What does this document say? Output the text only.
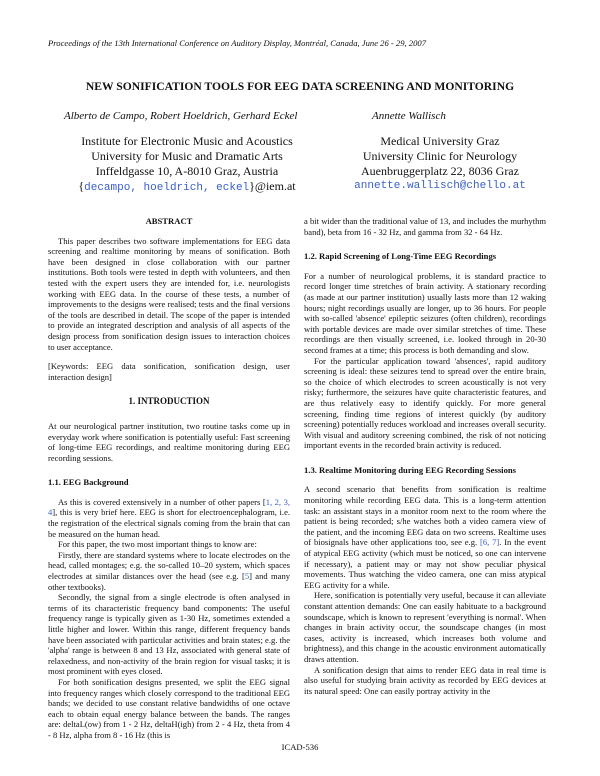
Proceedings of the 13th International Conference on Auditory Display, Montréal, Canada, June 26 - 29, 2007
NEW SONIFICATION TOOLS FOR EEG DATA SCREENING AND MONITORING
Alberto de Campo, Robert Hoeldrich, Gerhard Eckel	Annette Wallisch
Institute for Electronic Music and Acoustics
University for Music and Dramatic Arts
Inffeldgasse 10, A-8010 Graz, Austria
{decampo, hoeldrich, eckel}@iem.at
Medical University Graz
University Clinic for Neurology
Auenbruggerplatz 22, 8036 Graz
annette.wallisch@chello.at
ABSTRACT

This paper describes two software implementations for EEG data screening and realtime monitoring by means of sonification. Both have been designed in close collaboration with our partner institutions. Both tools were tested in depth with volunteers, and then tested with the expert users they are intended for, i.e. neurologists working with EEG data. In the course of these tests, a number of improvements to the designs were realised; tests and the final versions of the tools are described in detail. The scope of the paper is intended to provide an integrated description and analysis of all aspects of the design process from sonification design issues to interaction choices to user acceptance.

[Keywords: EEG data sonification, sonification design, user interaction design]

1. INTRODUCTION

At our neurological partner institution, two routine tasks come up in everyday work where sonification is potentially useful: Fast screening of long-time EEG recordings, and realtime monitoring during EEG recording sessions.

1.1. EEG Background

As this is covered extensively in a number of other papers [1, 2, 3, 4], this is very brief here. EEG is short for electroencephalogram, i.e. the registration of the electrical signals coming from the brain that can be measured on the human head.

For this paper, the two most important things to know are:

Firstly, there are standard systems where to locate electrodes on the head, called montages; e.g. the so-called 10–20 system, which spaces electrodes at similar distances over the head (see e.g. [5] and many other textbooks).

Secondly, the signal from a single electrode is often analysed in terms of its characteristic frequency band components: The useful frequency range is typically given as 1-30 Hz, sometimes extended a little higher and lower. Within this range, different frequency bands have been associated with particular activities and brain states; e.g. the 'alpha' range is between 8 and 13 Hz, associated with general state of relaxedness, and non-activity of the brain region for visual tasks; it is most prominent with eyes closed.

For both sonification designs presented, we split the EEG signal into frequency ranges which closely correspond to the traditional EEG bands; we decided to use constant relative bandwidths of one octave each to obtain equal energy balance between the bands. The ranges are: deltaL(ow) from 1 - 2 Hz, deltaH(igh) from 2 - 4 Hz, theta from 4 - 8 Hz, alpha from 8 - 16 Hz (this is

a bit wider than the traditional value of 13, and includes the murhythm band), beta from 16 - 32 Hz, and gamma from 32 - 64 Hz.

1.2. Rapid Screening of Long-Time EEG Recordings

For a number of neurological problems, it is standard practice to record longer time stretches of brain activity. A stationary recording (as made at our partner institution) usually lasts more than 12 waking hours; night recordings usually are longer, up to 36 hours. For people with so-called 'absence' epileptic seizures (often children), recordings with portable devices are made over similar stretches of time. These recordings are then visually screened, i.e. looked through in 20-30 second frames at a time; this process is both demanding and slow.

For the particular application toward 'absences', rapid auditory screening is ideal: these seizures tend to spread over the entire brain, so the choice of which electrodes to screen acoustically is not very risky; furthermore, the seizures have quite characteristic features, and are thus relatively easy to identify quickly. For more general screening, finding time regions of interest quickly (by auditory screening) potentially reduces workload and increases overall security. With visual and auditory screening combined, the risk of not noticing important events in the recorded brain activity is reduced.

1.3. Realtime Monitoring during EEG Recording Sessions

A second scenario that benefits from sonification is realtime monitoring while recording EEG data. This is a long-term attention task: an assistant stays in a monitor room next to the room where the patient is being recorded; s/he watches both a video camera view of the patient, and the incoming EEG data on two screens. Realtime uses of biosignals have other applications too, see e.g. [6, 7]. In the event of atypical EEG activity (which must be noticed, so one can intervene if necessary), a patient may or may not show peculiar physical movements. Thus watching the video camera, one can miss atypical EEG activity for a while.

Here, sonification is potentially very useful, because it can alleviate constant attention demands: One can easily habituate to a background soundscape, which is known to represent 'everything is normal'. When changes in brain activity occur, the soundscape changes (in most cases, activity is increased, which increases both volume and brightness), and this change in the acoustic environment automatically draws attention.

A sonification design that aims to render EEG data in real time is also useful for studying brain activity as recorded by EEG devices at its natural speed: One can easily portray activity in the

ICAD-536
